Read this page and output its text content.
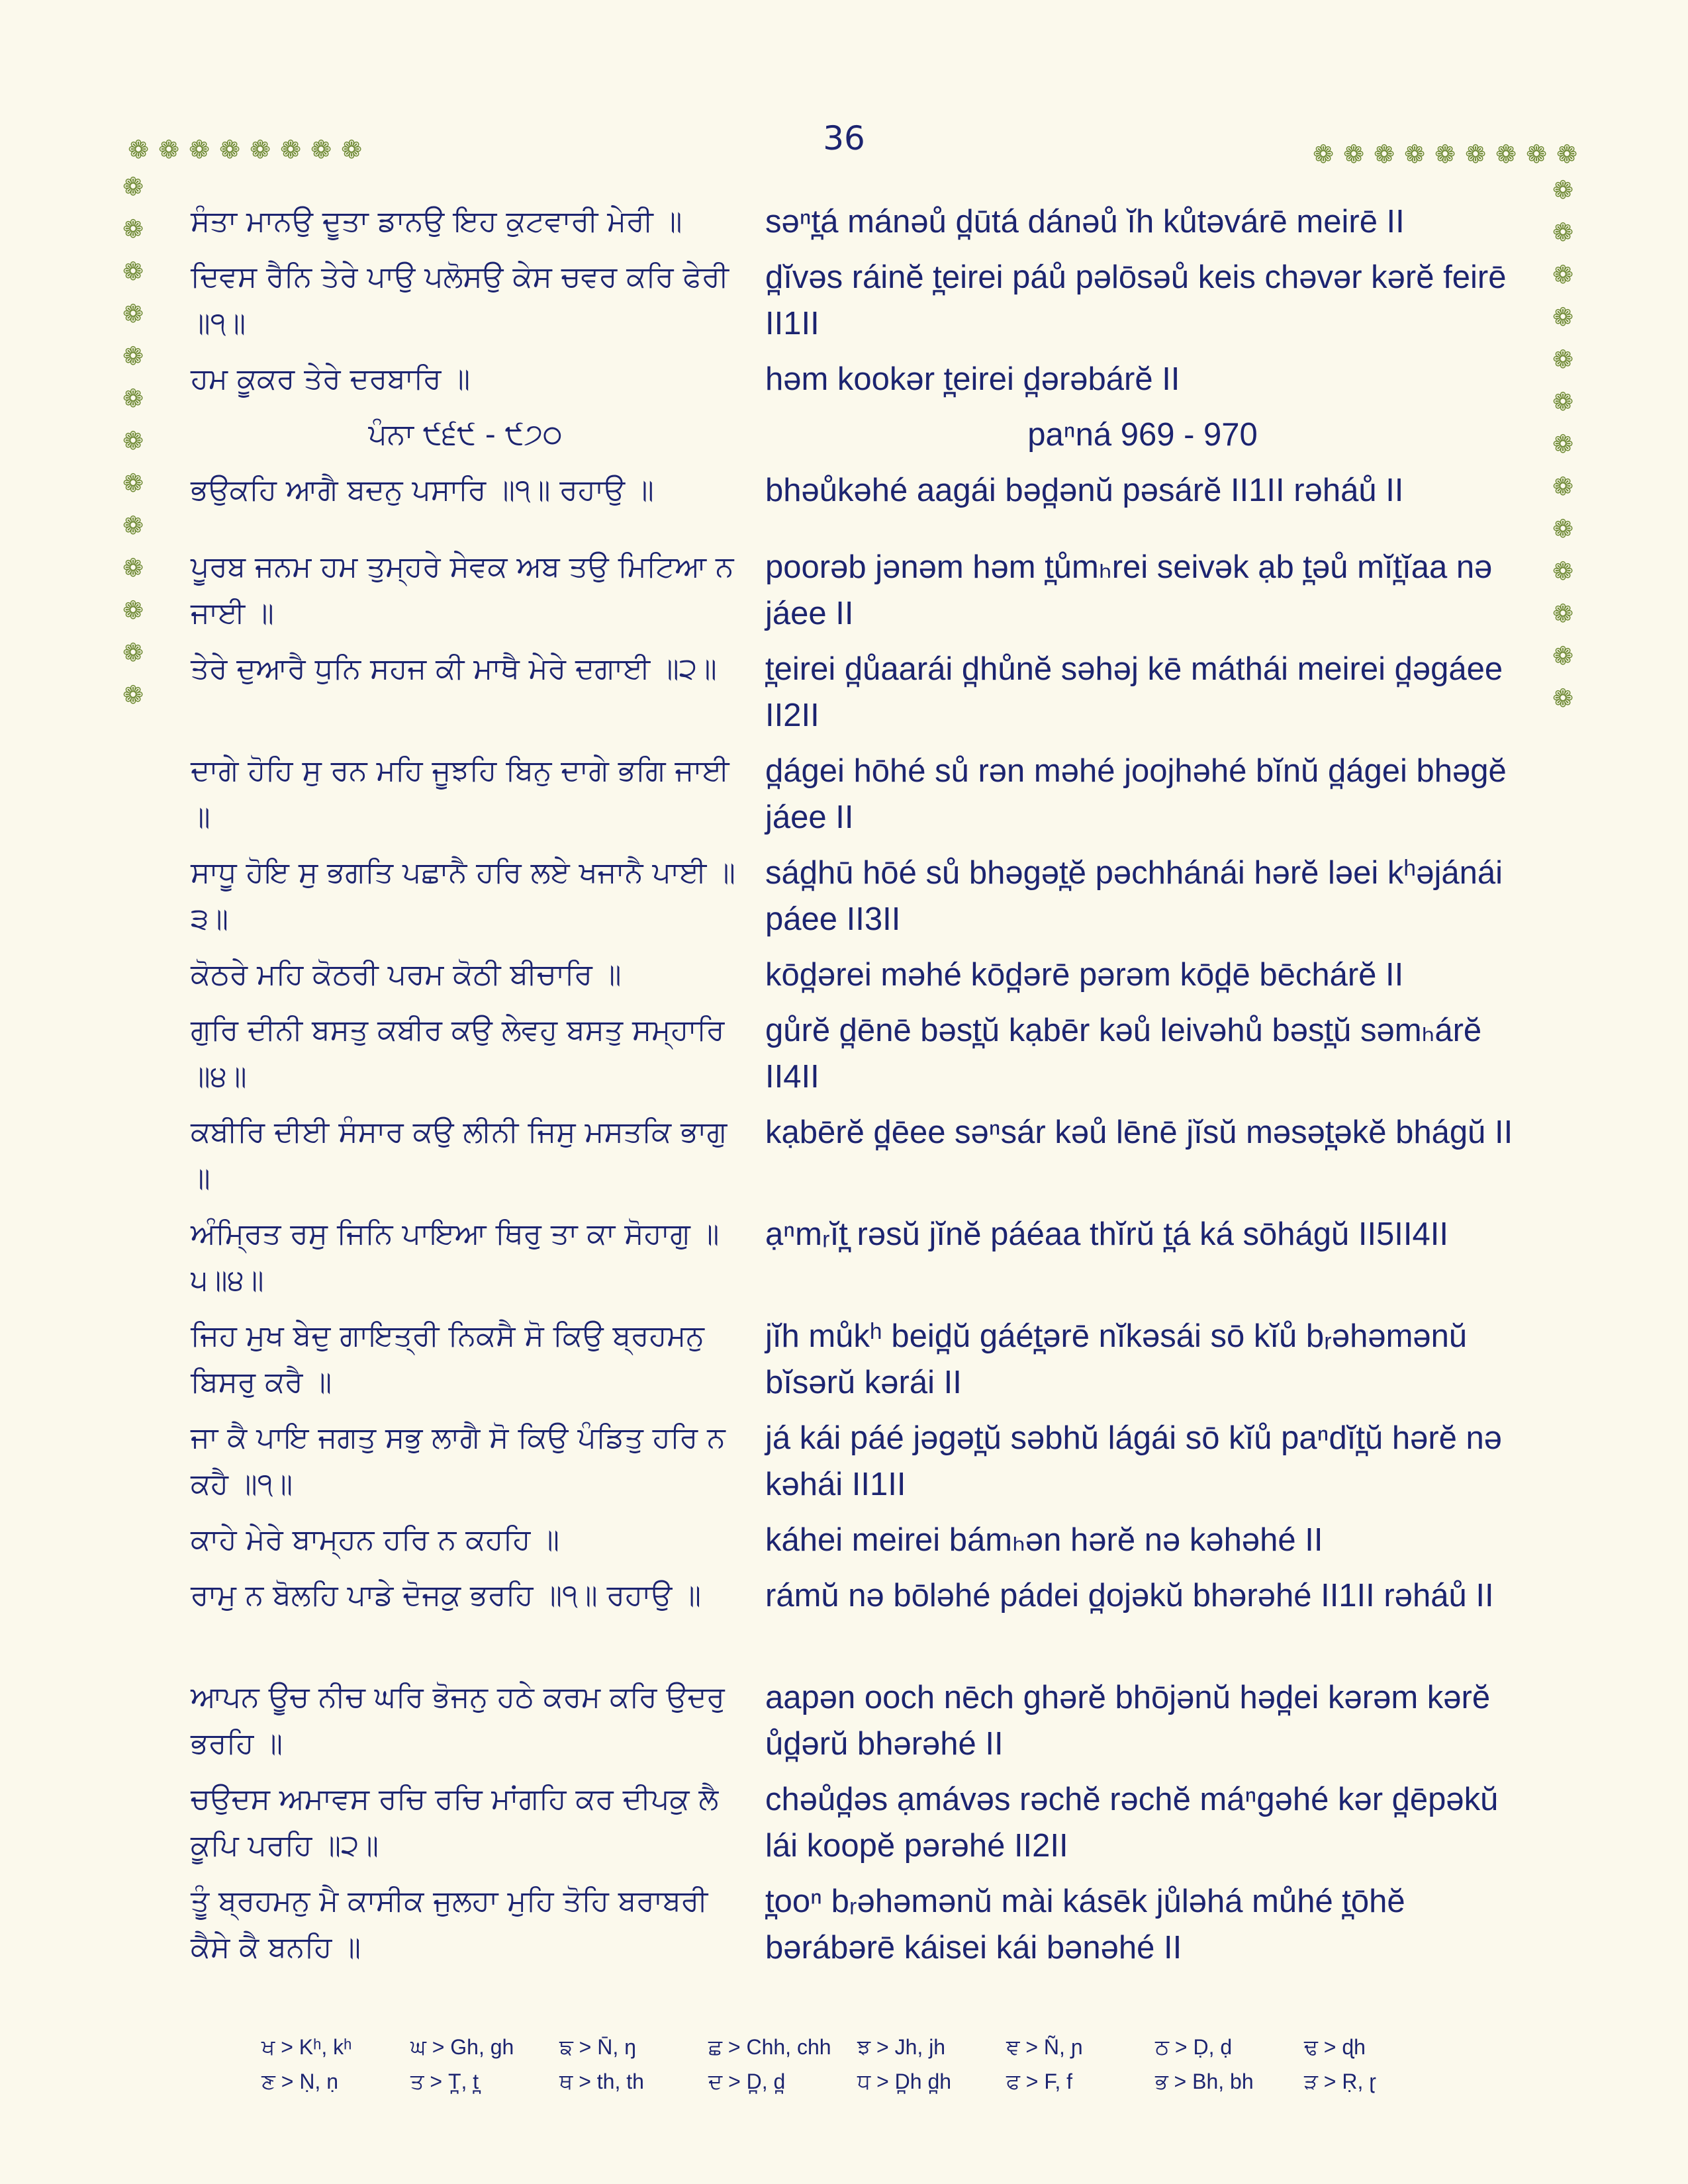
36
❁ ❁ ❁ ❁ ❁ ❁ ❁ ❁
❁
❁
❁
❁
❁
❁
❁
❁
❁
❁
❁
❁
❁
❁ ❁ ❁ ❁ ❁ ❁ ❁ ❁ ❁
❁
❁
❁
❁
❁
❁
❁
❁
❁
❁
❁
❁
❁
ਸੰਤਾ ਮਾਨਉ ਦੂਤਾ ਡਾਨਉ ਇਹ ਕੁਟਵਾਰੀ ਮੇਰੀ ॥	səⁿt̪á mánəů d̪ūtá dánəů ĭh kůtəvárē meirē II
ਦਿਵਸ ਰੈਨਿ ਤੇਰੇ ਪਾਉ ਪਲੋਸਉ ਕੇਸ ਚਵਰ ਕਰਿ ਫੇਰੀ ॥੧॥
d̪ĭvəs ráinĕ t̪eirei páů pəlōsəů keis chəvər kərĕ feirē II1II
ਹਮ ਕੂਕਰ ਤੇਰੇ ਦਰਬਾਰਿ ॥	həm kookər t̪eirei d̪ərəbárĕ II
ਪੰਨਾ ੯੬੯ - ੯੭੦	paⁿná 969 - 970
ਭਉਕਹਿ ਆਗੈ ਬਦਨੁ ਪਸਾਰਿ ॥੧॥ ਰਹਾਉ ॥	bhəůkəhé aagái bəd̪ənŭ pəsárĕ II1II rəháů II
ਪੂਰਬ ਜਨਮ ਹਮ ਤੁਮ੍ਹਰੇ ਸੇਵਕ ਅਬ ਤਉ ਮਿਟਿਆ ਨ ਜਾਈ ॥
poorəb jənəm həm t̪ůmₕrei seivək ạb t̪əů mĭt̪ĭaa nə jáee II
ਤੇਰੇ ਦੁਆਰੈ ਧੁਨਿ ਸਹਜ ਕੀ ਮਾਥੈ ਮੇਰੇ ਦਗਾਈ ॥੨॥	t̪eirei d̪ůaarái d̪hůnĕ səhəj kē máthái meirei d̪əgáee II2II
ਦਾਗੇ ਹੋਹਿ ਸੁ ਰਨ ਮਹਿ ਜੂਝਹਿ ਬਿਨੁ ਦਾਗੇ ਭਗਿ ਜਾਈ ॥
d̪ágei hōhé sů rən məhé joojhəhé bĭnŭ d̪ágei bhəgĕ jáee II
ਸਾਧੂ ਹੋਇ ਸੁ ਭਗਤਿ ਪਛਾਨੈ ਹਰਿ ਲਏ ਖਜਾਨੈ ਪਾਈ ॥੩॥
sád̪hū hōé sů bhəgət̪ĕ pəchhánái hərĕ ləei kʰəjánái páee II3II
ਕੋਠਰੇ ਮਹਿ ਕੋਠਰੀ ਪਰਮ ਕੋਠੀ ਬੀਚਾਰਿ ॥	kōd̪ərei məhé kōd̪ərē pərəm kōd̪ē bēchárĕ II
ਗੁਰਿ ਦੀਨੀ ਬਸਤੁ ਕਬੀਰ ਕਉ ਲੇਵਹੁ ਬਸਤੁ ਸਮ੍ਹਾਰਿ ॥੪॥
gůrĕ d̪ēnē bəst̪ŭ kạbēr kəů leivəhů bəst̪ŭ səmₕárĕ II4II
ਕਬੀਰਿ ਦੀਈ ਸੰਸਾਰ ਕਉ ਲੀਨੀ ਜਿਸੁ ਮਸਤਕਿ ਭਾਗੁ ॥
kạbērĕ d̪ēee səⁿsár kəů lēnē jĭsŭ məsət̪əkĕ bhágŭ II
ਅੰਮ੍ਰਿਤ ਰਸੁ ਜਿਨਿ ਪਾਇਆ ਥਿਰੁ ਤਾ ਕਾ ਸੋਹਾਗੁ ॥੫॥੪॥
ạⁿmᵣĭt̪ rəsŭ jĭnĕ páéaa thĭrŭ t̪á ká sōhágŭ II5II4II
ਜਿਹ ਮੁਖ ਬੇਦੁ ਗਾਇਤ੍ਰੀ ਨਿਕਸੈ ਸੋ ਕਿਉ ਬ੍ਰਹਮਨੁ ਬਿਸਰੁ ਕਰੈ ॥
jĭh můkʰ beid̪ŭ gáét̪ərē nĭkəsái sō kĭů bᵣəhəmənŭ bĭsərŭ kərái II
ਜਾ ਕੈ ਪਾਇ ਜਗਤੁ ਸਭੁ ਲਾਗੈ ਸੋ ਕਿਉ ਪੰਡਿਤੁ ਹਰਿ ਨ ਕਹੈ ॥੧॥
já kái páé jəgət̪ŭ səbhŭ lágái sō kĭů paⁿdĭt̪ŭ hərĕ nə kəhái II1II
ਕਾਹੇ ਮੇਰੇ ਬਾਮ੍ਹਨ ਹਰਿ ਨ ਕਹਹਿ ॥	káhei meirei bámₕən hərĕ nə kəhəhé II
ਰਾਮੁ ਨ ਬੋਲਹਿ ਪਾਡੇ ਦੋਜਕੁ ਭਰਹਿ ॥੧॥ ਰਹਾਉ ॥	rámŭ nə bōləhé pádei d̪ojəkŭ bhərəhé II1II rəháů II
ਆਪਨ ਊਚ ਨੀਚ ਘਰਿ ਭੋਜਨੁ ਹਠੇ ਕਰਮ ਕਰਿ ਉਦਰੁ ਭਰਹਿ ॥
aapən ooch nēch ghərĕ bhōjənŭ həd̪ei kərəm kərĕ ůd̪ərŭ bhərəhé II
ਚਉਦਸ ਅਮਾਵਸ ਰਚਿ ਰਚਿ ਮਾਂਗਹਿ ਕਰ ਦੀਪਕੁ ਲੈ ਕੂਪਿ ਪਰਹਿ ॥੨॥
chəůd̪əs ạmávəs rəchĕ rəchĕ máⁿgəhé kər d̪ēpəkŭ lái koopĕ pərəhé II2II
ਤੂੰ ਬ੍ਰਹਮਨੁ ਮੈ ਕਾਸੀਕ ਜੁਲਹਾ ਮੁਹਿ ਤੋਹਿ ਬਰਾਬਰੀ ਕੈਸੇ ਕੈ ਬਨਹਿ ॥
t̪ooⁿ bᵣəhəmənŭ mài kásēk jůləhá můhé t̪ōhĕ bərábərē káisei kái bənəhé II
ਖ > Kʰ, kʰ	ਘ > Gh, gh	ਙ > N̄, ŋ	ਛ > Chh, chh	ਝ > Jh, jh	ਞ > Ñ, ɲ	ਠ > Ḍ, ḍ	ਢ > ɖh
ਣ > Ṇ, ṇ	ਤ > T̪, t̪	ਥ > th, th	ਦ > D̪, d̪	ਧ > D̪h d̪h	ਫ > F, f	ਭ > Bh, bh	ੜ > Ṛ, ɽ
